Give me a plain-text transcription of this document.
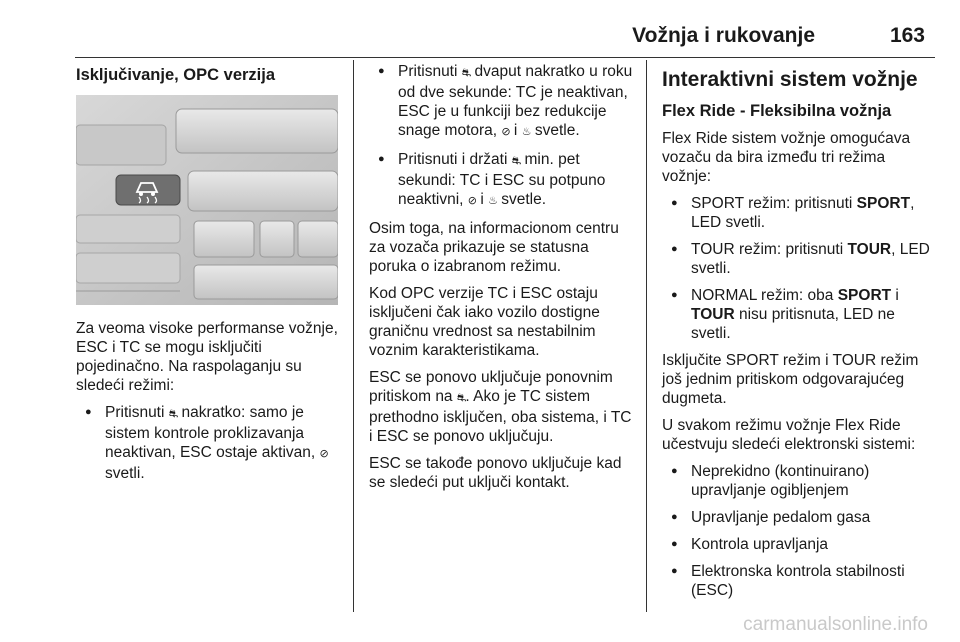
Vožnja i rukovanje	163
Isključivanje, OPC verzija

Za veoma visoke performanse vožnje, ESC i TC se mogu isključiti pojedinačno. Na raspolaganju su sledeći režimi:

● Pritisnuti ⛐ nakratko: samo je sistem kontrole proklizavanja neaktivan, ESC ostaje aktivan, ⊘ svetli.
● Pritisnuti ⛐ dvaput nakratko u roku od dve sekunde: TC je neaktivan, ESC je u funkciji bez redukcije snage motora, ⊘ i ♨ svetle.
● Pritisnuti i držati ⛐ min. pet sekundi: TC i ESC su potpuno neaktivni, ⊘ i ♨ svetle.

Osim toga, na informacionom centru za vozača prikazuje se statusna poruka o izabranom režimu.

Kod OPC verzije TC i ESC ostaju isključeni čak iako vozilo dostigne graničnu vrednost sa nestabilnim voznim karakteristikama.

ESC se ponovo uključuje ponovnim pritiskom na ⛐. Ako je TC sistem prethodno isključen, oba sistema, i TC i ESC se ponovo uključuju.

ESC se takođe ponovo uključuje kad se sledeći put uključi kontakt.

Interaktivni sistem vožnje
Flex Ride - Fleksibilna vožnja

Flex Ride sistem vožnje omogućava vozaču da bira između tri režima vožnje:

● SPORT režim: pritisnuti SPORT, LED svetli.
● TOUR režim: pritisnuti TOUR, LED svetli.
● NORMAL režim: oba SPORT i TOUR nisu pritisnuta, LED ne svetli.

Isključite SPORT režim i TOUR režim još jednim pritiskom odgovarajućeg dugmeta.

U svakom režimu vožnje Flex Ride učestvuju sledeći elektronski sistemi:

● Neprekidno (kontinuirano) upravljanje ogibljenjem
● Upravljanje pedalom gasa
● Kontrola upravljanja
● Elektronska kontrola stabilnosti (ESC)
carmanualsonline.info
